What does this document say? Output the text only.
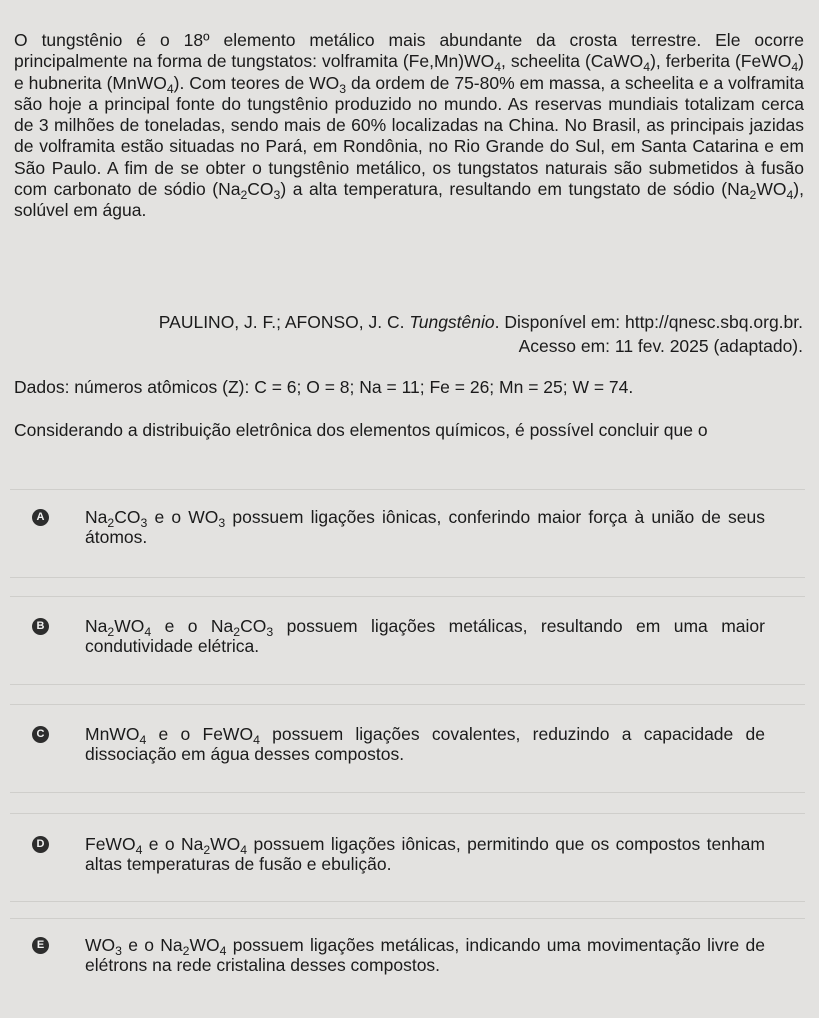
O tungstênio é o 18º elemento metálico mais abundante da crosta terrestre. Ele ocorre principalmente na forma de tungstatos: volframita $(Fe,Mn)WO_4$, scheelita (CaWO$_4$), ferberita (FeWO$_4$) e hubnerita (MnWO$_4$). Com teores de $WO_3$ da ordem de 75-80% em massa, a scheelita e a volframita são hoje a principal fonte do tungstênio produzido no mundo. As reservas mundiais totalizam cerca de 3 milhões de toneladas, sendo mais de 60% localizadas na China. No Brasil, as principais jazidas de volframita estão situadas no Pará, em Rondônia, no Rio Grande do Sul, em Santa Catarina e em São Paulo. A fim de se obter o tungstênio metálico, os tungstatos naturais são submetidos à fusão com carbonato de sódio $(Na_2CO_3)$ a alta temperatura, resultando em tungstato de sódio $(Na_2WO_4)$, solúvel em água.
PAULINO, J. F.; AFONSO, J. C. Tungstênio. Disponível em: http://qnesc.sbq.org.br.
Acesso em: 11 fev. 2025 (adaptado).
Dados: números atômicos (Z): C = 6; O = 8; Na = 11; Fe = 26; Mn = 25; W = 74.
Considerando a distribuição eletrônica dos elementos químicos, é possível concluir que o
A $Na_2CO_3$ e o $WO_3$ possuem ligações iônicas, conferindo maior força à união de seus átomos.
B $Na_2WO_4$ e o $Na_2CO_3$ possuem ligações metálicas, resultando em uma maior condutividade elétrica.
C MnWO$_4$ e o FeWO$_4$ possuem ligações covalentes, reduzindo a capacidade de dissociação em água desses compostos.
D FeWO$_4$ e o $Na_2WO_4$ possuem ligações iônicas, permitindo que os compostos tenham altas temperaturas de fusão e ebulição.
E $WO_3$ e o $Na_2WO_4$ possuem ligações metálicas, indicando uma movimentação livre de elétrons na rede cristalina desses compostos.
